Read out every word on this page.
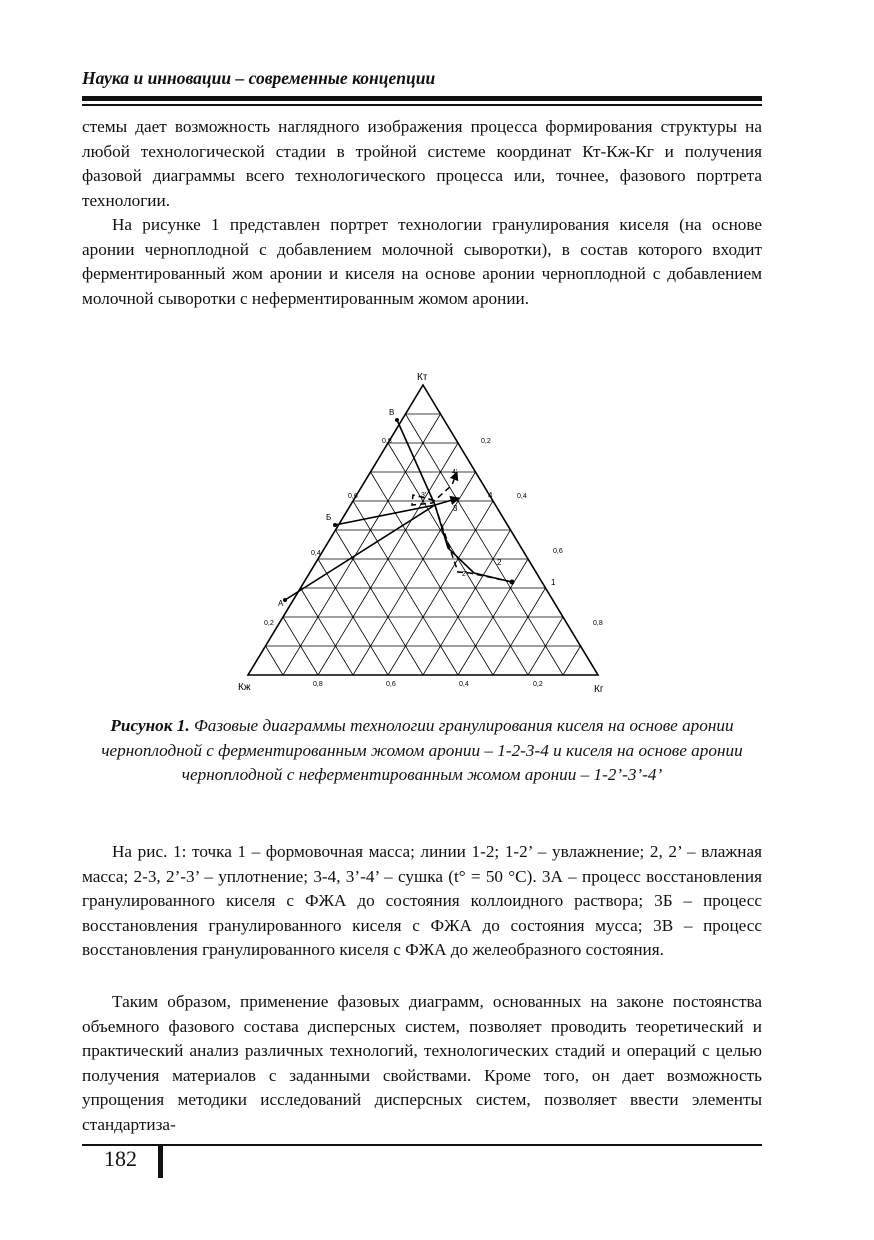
Наука и инновации – современные концепции

стемы дает возможность наглядного изображения процесса формирования структуры на любой технологической стадии в тройной системе координат Кт-Кж-Кг и получения фазовой диаграммы всего технологического процесса или, точнее, фазового портрета технологии.

На рисунке 1 представлен портрет технологии гранулирования киселя (на основе аронии черноплодной с добавлением молочной сыворотки), в состав которого входит ферментированный жом аронии и киселя на основе аронии черноплодной с добавлением молочной сыворотки с неферментированным жомом аронии.

Кт
Кж	Кг
0,2
0,4
0,6
0,8	0,2
0,4
0,6
0,8
0,8	0,6	0,4	0,2
1
2
2'
3
3'	4
4'
А
Б
В

Рисунок 1. Фазовые диаграммы технологии гранулирования киселя на основе аронии черноплодной с ферментированным жомом аронии – 1-2-3-4 и киселя на основе аронии черноплодной с неферментированным жомом аронии – 1-2’-3’-4’

На рис. 1: точка 1 – формовочная масса; линии 1-2; 1-2’ – увлажнение; 2, 2’ – влажная масса; 2-3, 2’-3’ – уплотнение; 3-4, 3’-4’ – сушка (t° = 50 °C). 3А – процесс восстановления гранулированного киселя с ФЖА до состояния коллоидного раствора; 3Б – процесс восстановления гранулированного киселя с ФЖА до состояния мусса; 3В – процесс восстановления гранулированного киселя с ФЖА до желеобразного состояния.

Таким образом, применение фазовых диаграмм, основанных на законе постоянства объемного фазового состава дисперсных систем, позволяет проводить теоретический и практический анализ различных технологий, технологических стадий и операций с целью получения материалов с заданными свойствами. Кроме того, он дает возможность упрощения методики исследований дисперсных систем, позволяет ввести элементы стандартиза-

182
